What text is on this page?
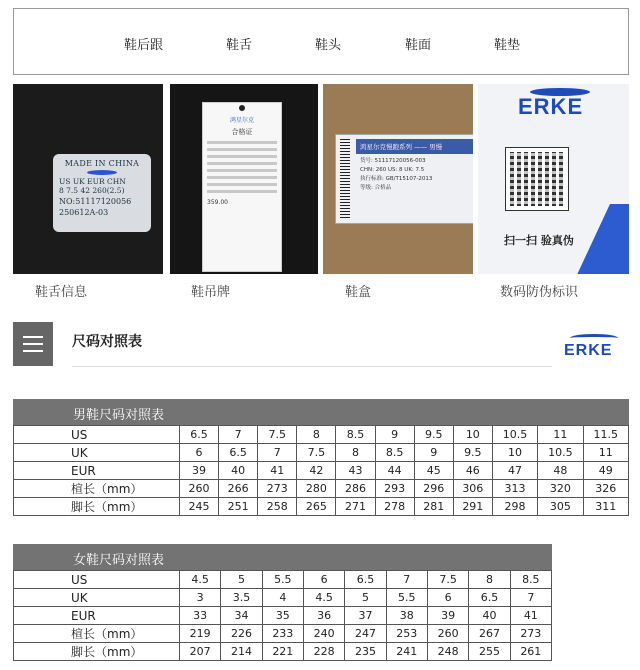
鞋后跟	鞋舌	鞋头	鞋面	鞋垫
MADE IN CHINA
US UK EUR CHN
8 7.5 42 260(2.5)
NO:51117120056
250612A-03
鞋舌信息
鸿星尔克
合格证
359.00
鞋吊牌
鸿星尔克慢跑系列 —— 男慢
货号: 51117120056-003
CHN: 260 US: 8 UK: 7.5
执行标准: GB/T15107-2013
等级: 合格品
鞋盒
ERKE
扫一扫 验真伪
数码防伪标识
尺码对照表	ERKE
男鞋尺码对照表
US	6.5	7	7.5	8	8.5	9	9.5	10	10.5	11	11.5
UK	6	6.5	7	7.5	8	8.5	9	9.5	10	10.5	11
EUR	39	40	41	42	43	44	45	46	47	48	49
楦长（mm）	260	266	273	280	286	293	296	306	313	320	326
脚长（mm）	245	251	258	265	271	278	281	291	298	305	311
女鞋尺码对照表
US	4.5	5	5.5	6	6.5	7	7.5	8	8.5
UK	3	3.5	4	4.5	5	5.5	6	6.5	7
EUR	33	34	35	36	37	38	39	40	41
楦长（mm）	219	226	233	240	247	253	260	267	273
脚长（mm）	207	214	221	228	235	241	248	255	261
